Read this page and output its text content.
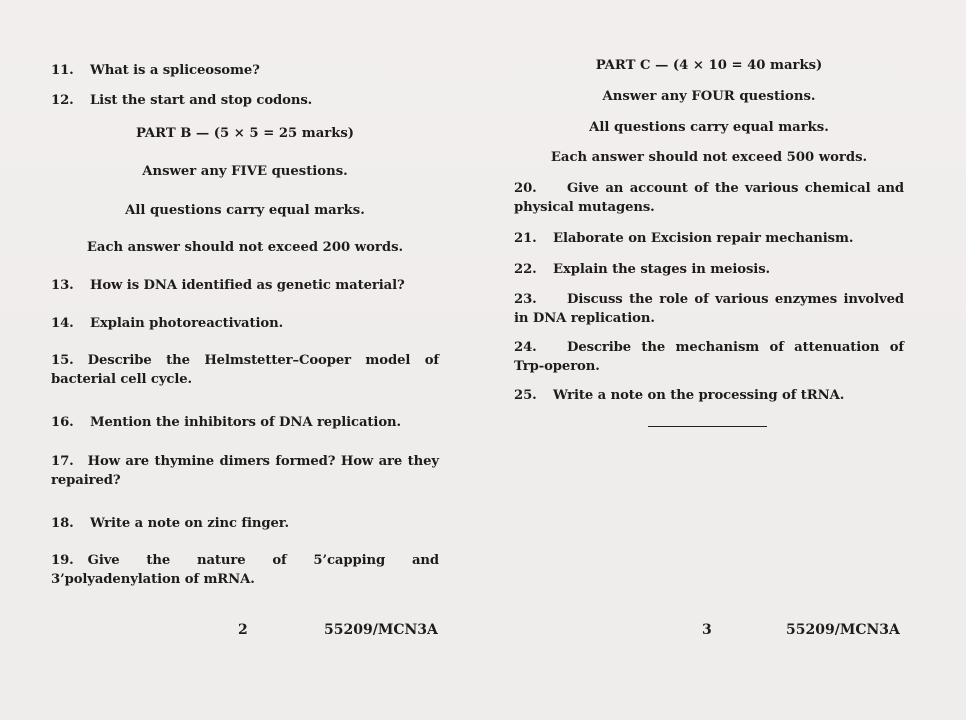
11. What is a spliceosome?
12. List the start and stop codons.
PART B — (5 × 5 = 25 marks)
Answer any FIVE questions.
All questions carry equal marks.
Each answer should not exceed 200 words.
13. How is DNA identified as genetic material?
14. Explain photoreactivation.
15. Describe the Helmstetter–Cooper model of bacterial cell cycle.
16. Mention the inhibitors of DNA replication.
17. How are thymine dimers formed? How are they repaired?
18. Write a note on zinc finger.
19. Give the nature of 5’capping and 3’polyadenylation of mRNA.
2	55209/MCN3A
PART C — (4 × 10 = 40 marks)
Answer any FOUR questions.
All questions carry equal marks.
Each answer should not exceed 500 words.
20. Give an account of the various chemical and physical mutagens.
21. Elaborate on Excision repair mechanism.
22. Explain the stages in meiosis.
23. Discuss the role of various enzymes involved in DNA replication.
24. Describe the mechanism of attenuation of Trp-operon.
25. Write a note on the processing of tRNA.
3	55209/MCN3A
